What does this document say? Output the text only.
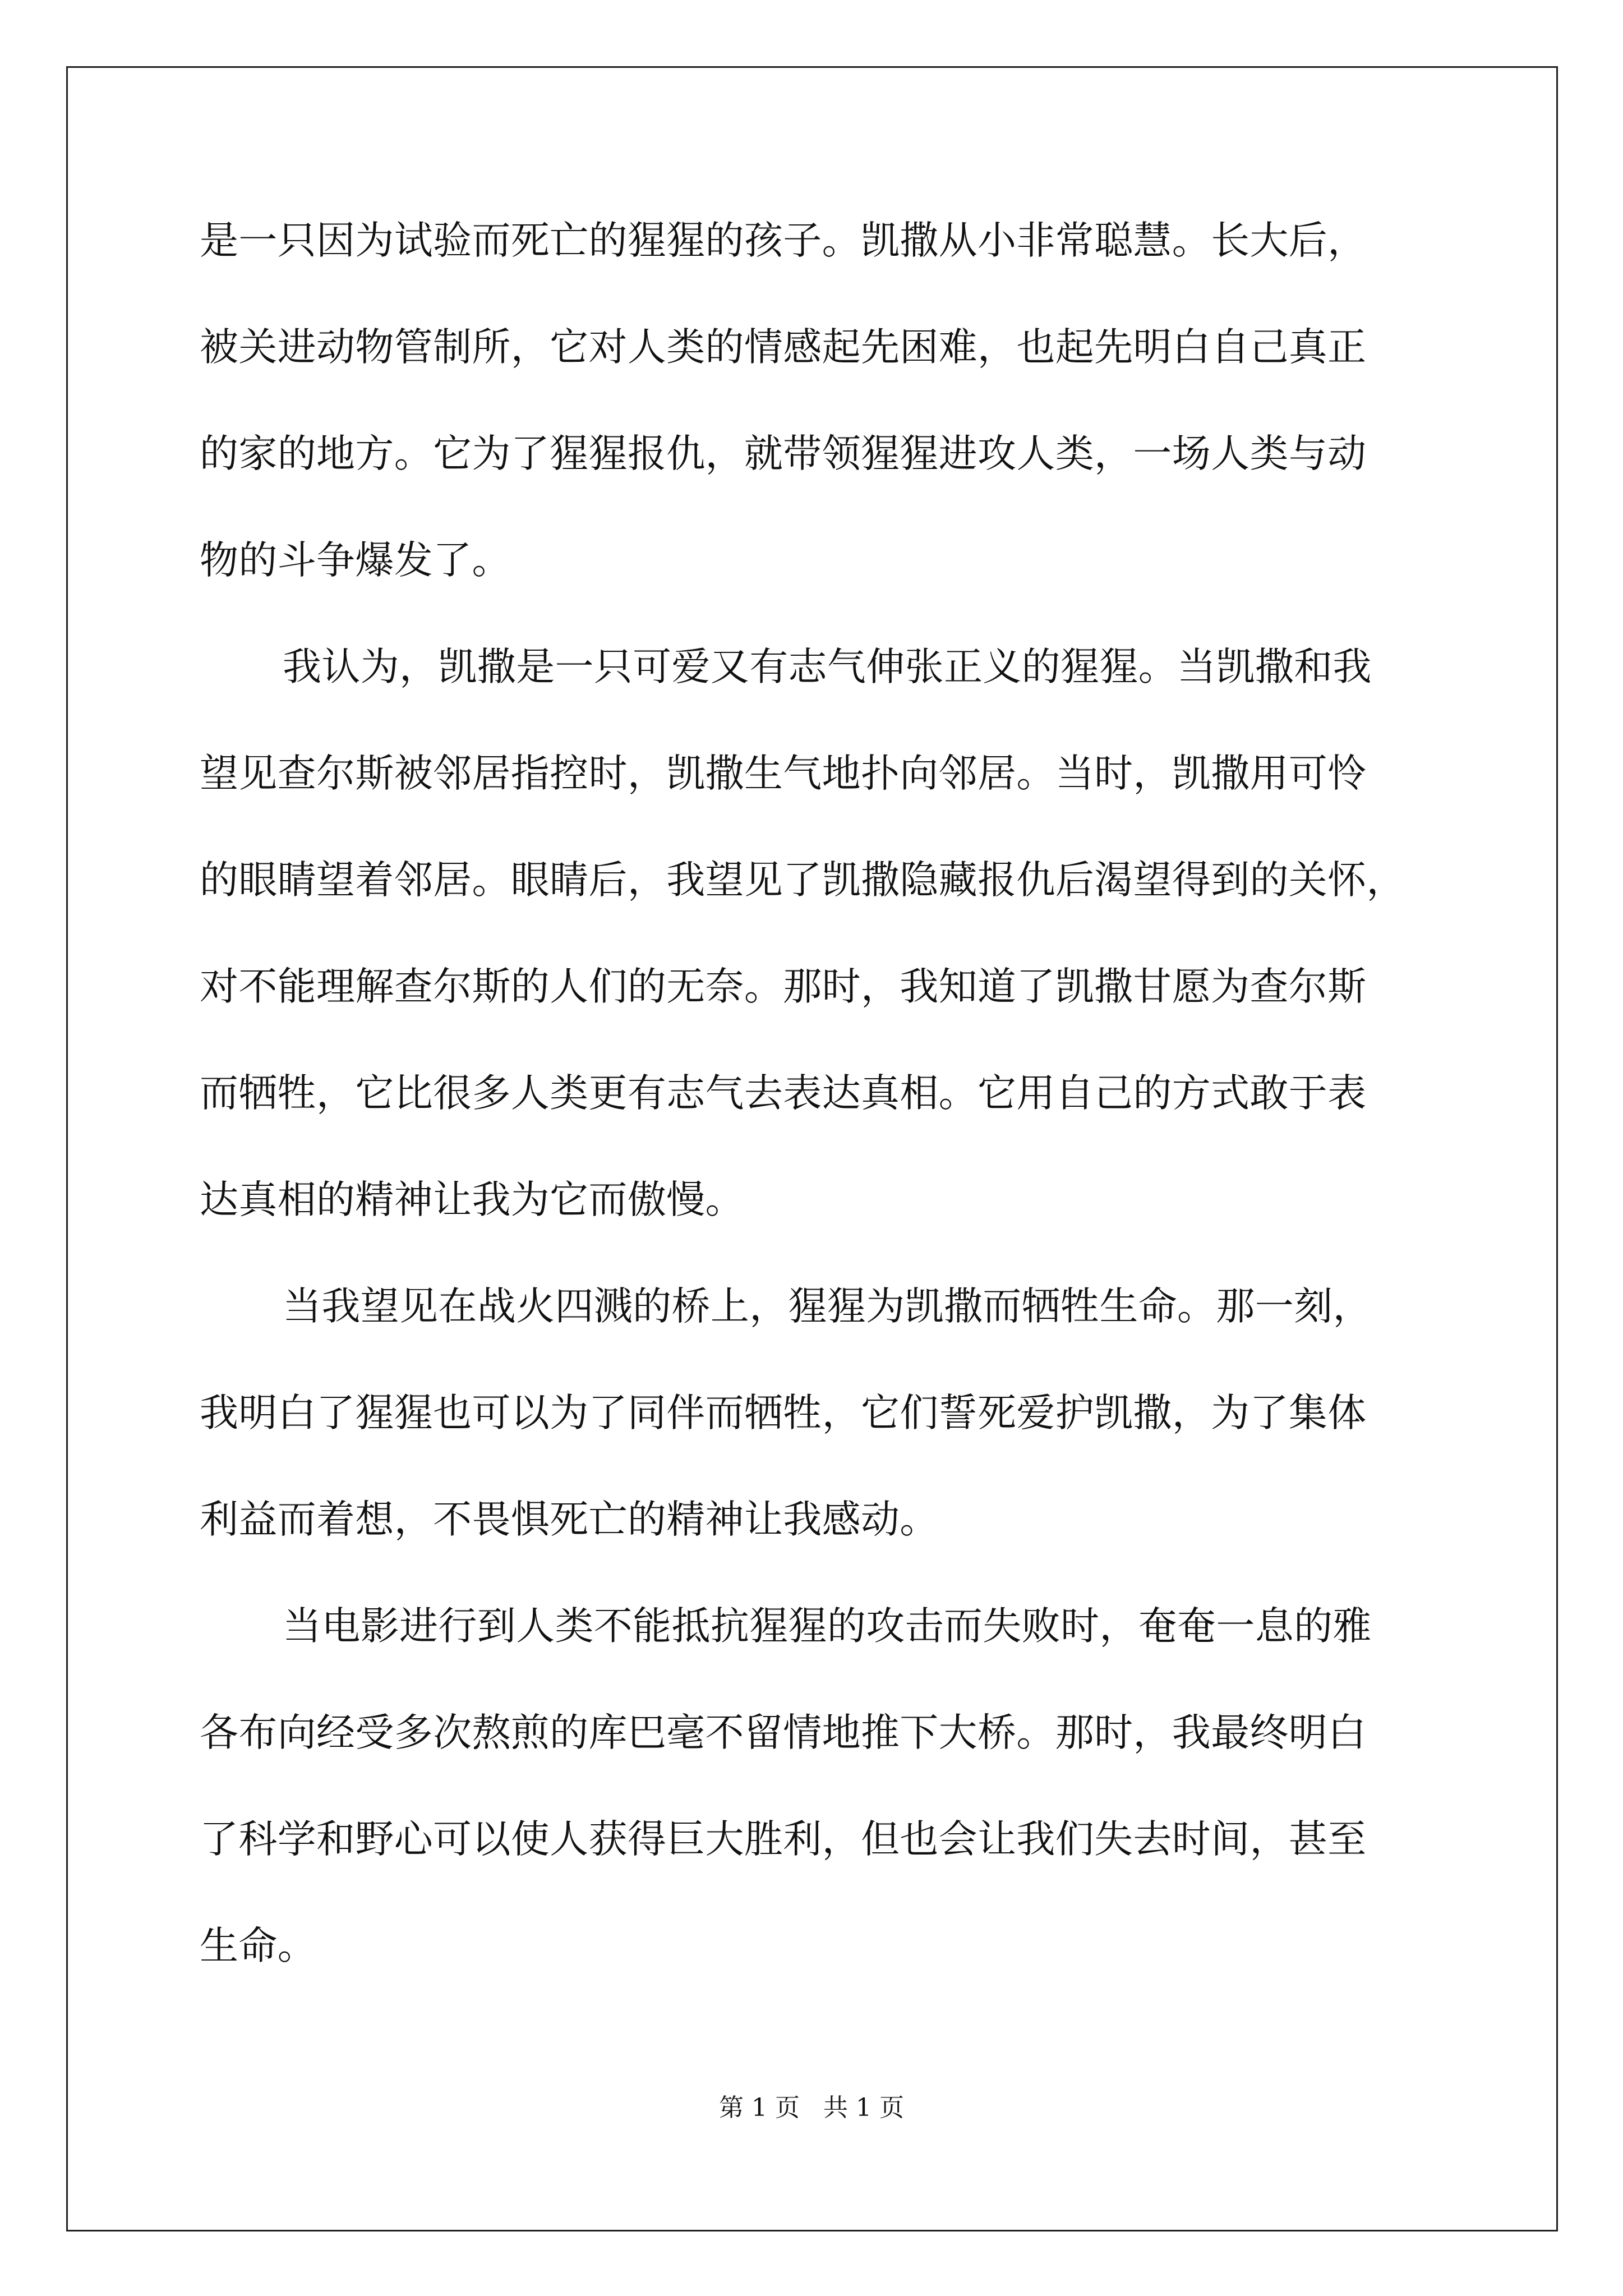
是一只因为试验而死亡的猩猩的孩子。凯撒从小非常聪慧。长大后，
被关进动物管制所，它对人类的情感起先困难，也起先明白自己真正
的家的地方。它为了猩猩报仇，就带领猩猩进攻人类，一场人类与动
物的斗争爆发了。
我认为，凯撒是一只可爱又有志气伸张正义的猩猩。当凯撒和我
望见查尔斯被邻居指控时，凯撒生气地扑向邻居。当时，凯撒用可怜
的眼睛望着邻居。眼睛后，我望见了凯撒隐藏报仇后渴望得到的关怀，
对不能理解查尔斯的人们的无奈。那时，我知道了凯撒甘愿为查尔斯
而牺牲，它比很多人类更有志气去表达真相。它用自己的方式敢于表
达真相的精神让我为它而傲慢。
当我望见在战火四溅的桥上，猩猩为凯撒而牺牲生命。那一刻，
我明白了猩猩也可以为了同伴而牺牲，它们誓死爱护凯撒，为了集体
利益而着想，不畏惧死亡的精神让我感动。
当电影进行到人类不能抵抗猩猩的攻击而失败时，奄奄一息的雅
各布向经受多次熬煎的库巴毫不留情地推下大桥。那时，我最终明白
了科学和野心可以使人获得巨大胜利，但也会让我们失去时间，甚至
生命。
第 1 页   共 1 页
